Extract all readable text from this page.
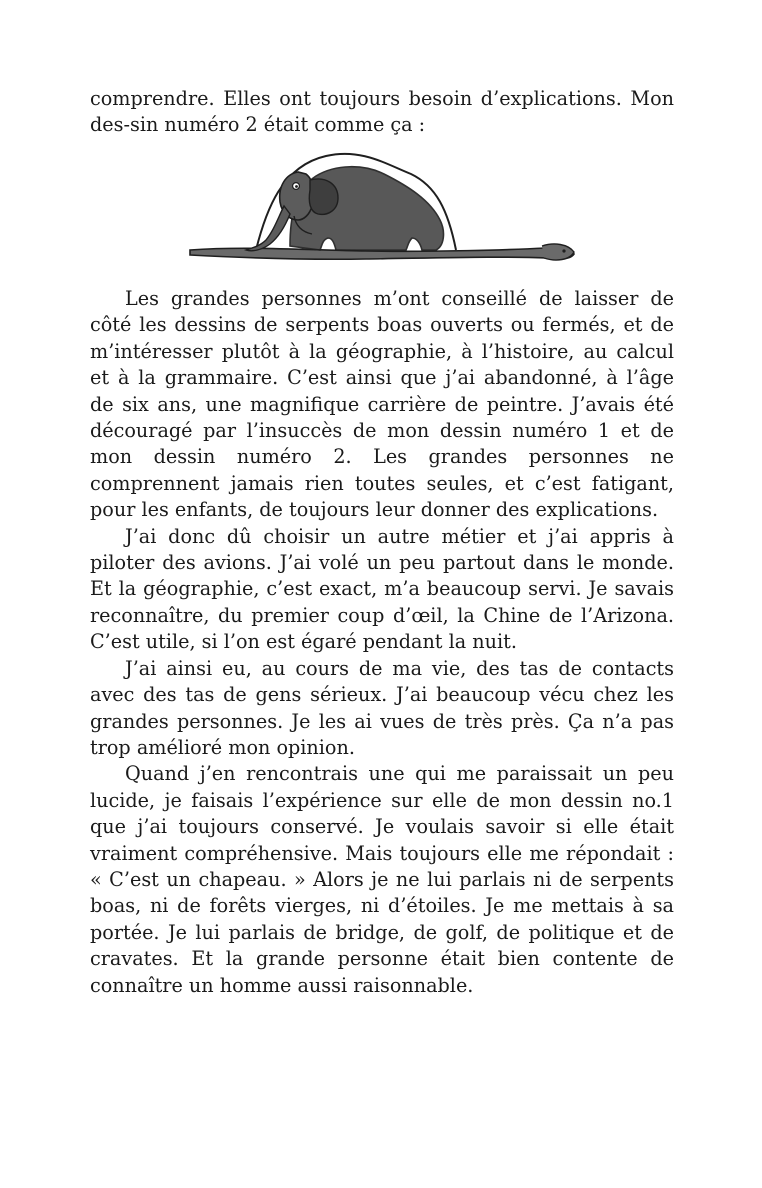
comprendre. Elles ont toujours besoin d’explications. Mon des-sin numéro 2 était comme ça :

Les grandes personnes m’ont conseillé de laisser de côté les dessins de serpents boas ouverts ou fermés, et de m’intéresser plutôt à la géographie, à l’histoire, au calcul et à la grammaire. C’est ainsi que j’ai abandonné, à l’âge de six ans, une magnifique carrière de peintre. J’avais été découragé par l’insuccès de mon dessin numéro 1 et de mon dessin numéro 2. Les grandes personnes ne comprennent jamais rien toutes seules, et c’est fatigant, pour les enfants, de toujours leur donner des explications.

J’ai donc dû choisir un autre métier et j’ai appris à piloter des avions. J’ai volé un peu partout dans le monde. Et la géographie, c’est exact, m’a beaucoup servi. Je savais reconnaître, du premier coup d’œil, la Chine de l’Arizona. C’est utile, si l’on est égaré pendant la nuit.

J’ai ainsi eu, au cours de ma vie, des tas de contacts avec des tas de gens sérieux. J’ai beaucoup vécu chez les grandes personnes. Je les ai vues de très près. Ça n’a pas trop amélioré mon opinion.

Quand j’en rencontrais une qui me paraissait un peu lucide, je faisais l’expérience sur elle de mon dessin no.1 que j’ai toujours conservé. Je voulais savoir si elle était vraiment compréhensive. Mais toujours elle me répondait : « C’est un chapeau. » Alors je ne lui parlais ni de serpents boas, ni de forêts vierges, ni d’étoiles. Je me mettais à sa portée. Je lui parlais de bridge, de golf, de politique et de cravates. Et la grande personne était bien contente de connaître un homme aussi raisonnable.
